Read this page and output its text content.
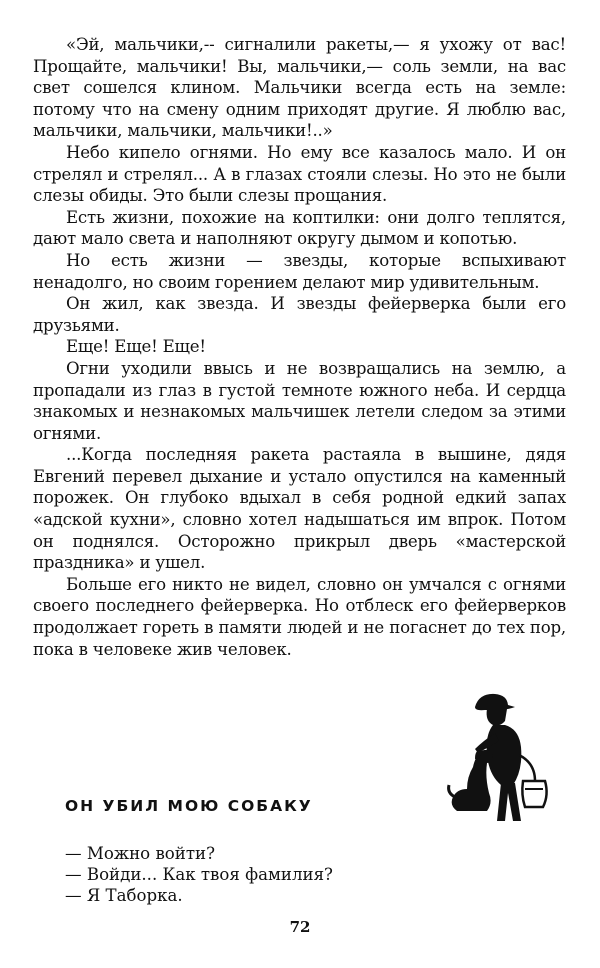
«Эй, мальчики,-- сигналили ракеты,— я ухожу от вас! Прощайте, мальчики! Вы, мальчики,— соль земли, на вас свет сошелся клином. Мальчики всегда есть на земле: потому что на смену одним приходят другие. Я люблю вас, мальчики, мальчики, мальчики!..»

Небо кипело огнями. Но ему все казалось мало. И он стрелял и стрелял... А в глазах стояли слезы. Но это не были слезы обиды. Это были слезы прощания.

Есть жизни, похожие на коптилки: они долго теплятся, дают мало света и наполняют округу дымом и копотью.

Но есть жизни — звезды, которые вспыхивают ненадолго, но своим горением делают мир удивительным.

Он жил, как звезда. И звезды фейерверка были его друзьями.

Еще! Еще! Еще!

Огни уходили ввысь и не возвращались на землю, а пропадали из глаз в густой темноте южного неба. И сердца знакомых и незнакомых мальчишек летели следом за этими огнями.

...Когда последняя ракета растаяла в вышине, дядя Евгений перевел дыхание и устало опустился на каменный порожек. Он глубоко вдыхал в себя родной едкий запах «адской кухни», словно хотел надышаться им впрок. Потом он поднялся. Осторожно прикрыл дверь «мастерской праздника» и ушел.

Больше его никто не видел, словно он умчался с огнями своего последнего фейерверка. Но отблеск его фейерверков продолжает гореть в памяти людей и не погаснет до тех пор, пока в человеке жив человек.

ОН УБИЛ МОЮ СОБАКУ
— Можно войти?
— Войди... Как твоя фамилия?
— Я Таборка.
72
